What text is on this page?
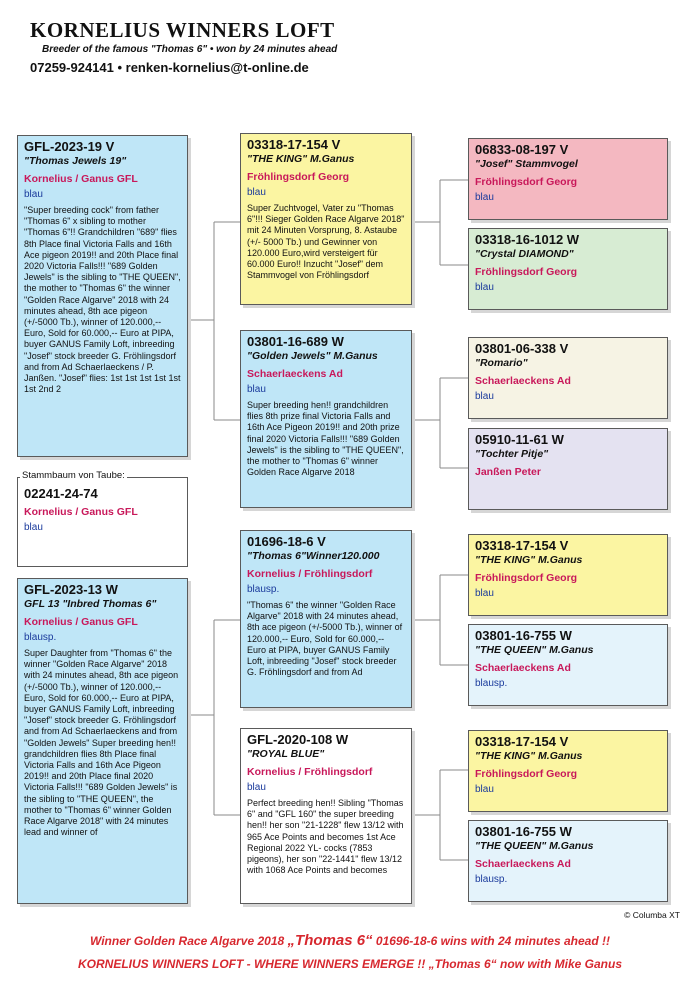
KORNELIUS WINNERS LOFT
Breeder of the famous "Thomas 6" • won by 24 minutes ahead
07259-924141 • renken-kornelius@t-online.de
GFL-2023-19 V
"Thomas Jewels 19"
Kornelius / Ganus GFL
blau
"Super breeding cock" from father "Thomas 6" x sibling to mother "Thomas 6"!! Grandchildren "689" flies 8th Place final Victoria Falls and 16th Ace pigeon 2019!! and 20th Place final 2020 Victoria Falls!!! "689 Golden Jewels" is the sibling to "THE QUEEN", the mother to "Thomas 6" the winner "Golden Race Algarve" 2018 with 24 minutes ahead, 8th ace pigeon (+/-5000 Tb.), winner of 120.000,-- Euro, Sold for 60.000,-- Euro at PIPA, buyer GANUS Family Loft, inbreeding "Josef" stock breeder G. Fröhlingsdorf and from Ad Schaerlaeckens / P. Janßen. "Josef" flies: 1st 1st 1st 1st 1st 1st 2nd 2
02241-24-74
Kornelius / Ganus GFL
blau
Stammbaum von Taube:
GFL-2023-13 W
GFL 13 "Inbred Thomas 6"
Kornelius / Ganus GFL
blausp.
Super Daughter from "Thomas 6" the winner "Golden Race Algarve" 2018 with 24 minutes ahead, 8th ace pigeon (+/-5000 Tb.), winner of 120.000,-- Euro, Sold for 60.000,-- Euro at PIPA, buyer GANUS Family Loft, inbreeding "Josef" stock breeder G. Fröhlingsdorf and from Ad Schaerlaeckens and from "Golden Jewels" Super breeding hen!! grandchildren flies 8th Place final Victoria Falls and 16th Ace Pigeon 2019!! and 20th Place final 2020 Victoria Falls!!! "689 Golden Jewels" is the sibling to "THE QUEEN", the mother to "Thomas 6" winner Golden Race Algarve 2018" with 24 minutes lead and winner of
03318-17-154 V
"THE KING" M.Ganus
Fröhlingsdorf Georg
blau
Super Zuchtvogel, Vater zu "Thomas 6"!!! Sieger Golden Race Algarve 2018" mit 24 Minuten Vorsprung, 8. Astaube (+/- 5000 Tb.) und Gewinner von 120.000 Euro,wird versteigert für 60.000 Euro!! Inzucht "Josef" dem Stammvogel von Fröhlingsdorf
03801-16-689 W
"Golden Jewels" M.Ganus
Schaerlaeckens Ad
blau
Super breeding hen!! grandchildren flies 8th prize final Victoria Falls and 16th Ace Pigeon 2019!! and 20th prize final 2020 Victoria Falls!!! "689 Golden Jewels" is the sibling to "THE QUEEN", the mother to "Thomas 6" winner Golden Race Algarve 2018
01696-18-6 V
"Thomas 6"Winner120.000
Kornelius / Fröhlingsdorf
blausp.
"Thomas 6" the winner "Golden Race Algarve" 2018 with 24 minutes ahead, 8th ace pigeon (+/-5000 Tb.), winner of 120.000,-- Euro, Sold for 60.000,-- Euro at PIPA, buyer GANUS Family Loft, inbreeding "Josef" stock breeder G. Fröhlingsdorf and from Ad
GFL-2020-108 W
"ROYAL BLUE"
Kornelius / Fröhlingsdorf
blau
Perfect breeding hen!! Sibling "Thomas 6" and "GFL 160" the super breeding hen!! her son "21-1228" flew 13/12 with 965 Ace Points and becomes 1st Ace Regional 2022 YL- cocks (7853 pigeons), her son "22-1441" flew 13/12 with 1068 Ace Points and becomes
06833-08-197 V
"Josef" Stammvogel
Fröhlingsdorf Georg
blau
03318-16-1012 W
"Crystal DIAMOND"
Fröhlingsdorf Georg
blau
03801-06-338 V
"Romario"
Schaerlaeckens Ad
blau
05910-11-61 W
"Tochter Pitje"
Janßen Peter
03318-17-154 V
"THE KING" M.Ganus
Fröhlingsdorf Georg
blau
03801-16-755 W
"THE QUEEN" M.Ganus
Schaerlaeckens Ad
blausp.
03318-17-154 V
"THE KING" M.Ganus
Fröhlingsdorf Georg
blau
03801-16-755 W
"THE QUEEN" M.Ganus
Schaerlaeckens Ad
blausp.
© Columba XT
Winner Golden Race Algarve 2018 „Thomas 6“ 01696-18-6 wins with 24 minutes ahead !!
KORNELIUS WINNERS LOFT - WHERE WINNERS EMERGE !! „Thomas 6“ now with Mike Ganus
